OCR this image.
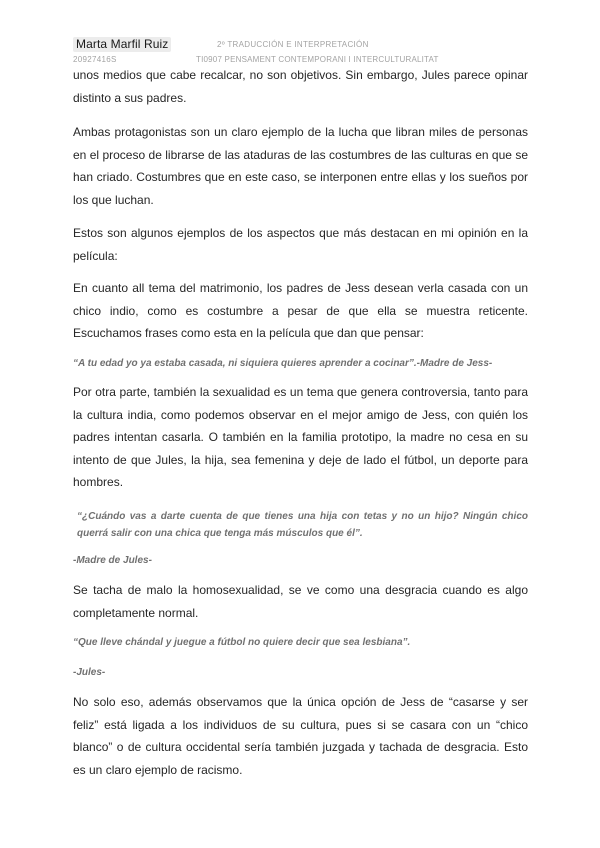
Marta Marfil Ruiz	2º TRADUCCIÓN E INTERPRETACIÓN
20927416S	TI0907 PENSAMENT CONTEMPORANI I INTERCULTURALITAT

unos medios que cabe recalcar, no son objetivos. Sin embargo, Jules parece opinar distinto a sus padres.

Ambas protagonistas son un claro ejemplo de la lucha que libran miles de personas en el proceso de librarse de las ataduras de las costumbres de las culturas en que se han criado. Costumbres que en este caso, se interponen entre ellas y los sueños por los que luchan.

Estos son algunos ejemplos de los aspectos que más destacan en mi opinión en la película:

En cuanto all tema del matrimonio, los padres de Jess desean verla casada con un chico indio, como es costumbre a pesar de que ella se muestra reticente. Escuchamos frases como esta en la película que dan que pensar:

“A tu edad yo ya estaba casada, ni siquiera quieres aprender a cocinar”.-Madre de Jess-

Por otra parte, también la sexualidad es un tema que genera controversia, tanto para la cultura india, como podemos observar en el mejor amigo de Jess, con quién los padres intentan casarla. O también en la familia prototipo, la madre no cesa en su intento de que Jules, la hija, sea femenina y deje de lado el fútbol, un deporte para hombres.

“¿Cuándo vas a darte cuenta de que tienes una hija con tetas y no un hijo? Ningún chico querrá salir con una chica que tenga más músculos que él”.

-Madre de Jules-

Se tacha de malo la homosexualidad, se ve como una desgracia cuando es algo completamente normal.

“Que lleve chándal y juegue a fútbol no quiere decir que sea lesbiana”.

-Jules-

No solo eso, además observamos que la única opción de Jess de “casarse y ser feliz” está ligada a los individuos de su cultura, pues si se casara con un “chico blanco” o de cultura occidental sería también juzgada y tachada de desgracia. Esto es un claro ejemplo de racismo.
